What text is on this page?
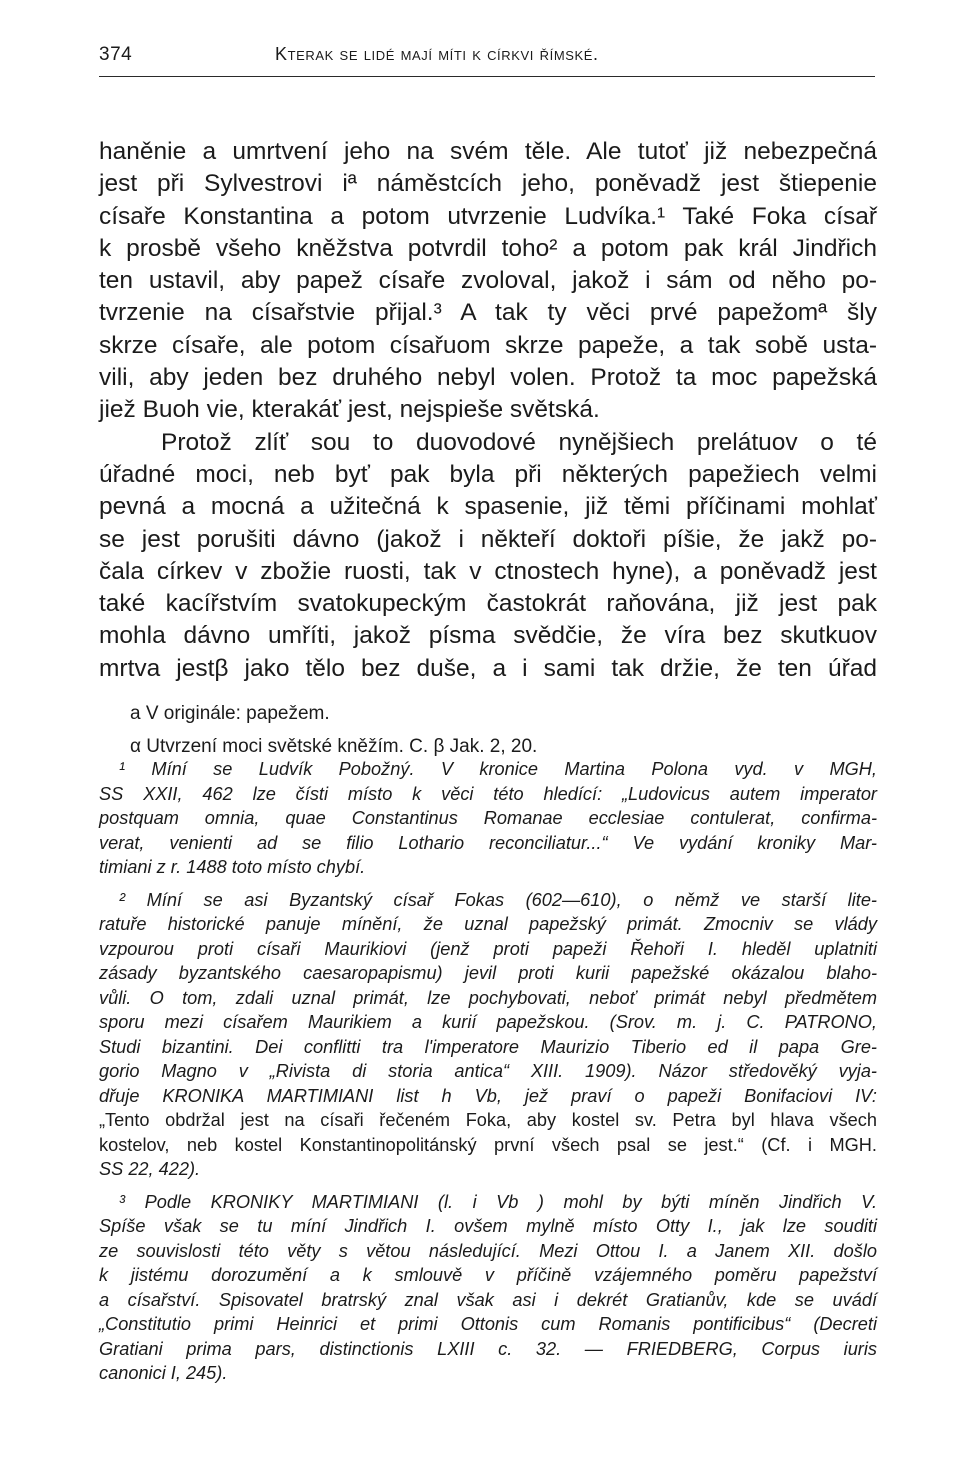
374	Kterak se lidé mají míti k církvi římské.
haněnie a umrtvení jeho na svém těle. Ale tutoť již nebezpečná
jest při Sylvestrovi iª náměstcích jeho, poněvadž jest štiepenie
císaře Konstantina a potom utvrzenie Ludvíka.¹ Také Foka císař
k prosbě všeho kněžstva potvrdil toho² a potom pak král Jindřich
ten ustavil, aby papež císaře zvoloval, jakož i sám od něho po-
tvrzenie na císařstvie přijal.³ A tak ty věci prvé papežomª šly
skrze císaře, ale potom císařuom skrze papeže, a tak sobě usta-
vili, aby jeden bez druhého nebyl volen. Protož ta moc papežská
jiež Buoh vie, kterakáť jest, nejspieše světská.
Protož zlíť sou to duovodové nynějšiech prelátuov o té
úřadné moci, neb byť pak byla při některých papežiech velmi
pevná a mocná a užitečná k spasenie, již těmi příčinami mohlať
se jest porušiti dávno (jakož i někteří doktoři píšie, že jakž po-
čala církev v zbožie ruosti, tak v ctnostech hyne), a poněvadž jest
také kacířstvím svatokupeckým častokrát raňována, již jest pak
mohla dávno umříti, jakož písma svědčie, že víra bez skutkuov
mrtva jestβ jako tělo bez duše, a i sami tak držie, že ten úřad
a V originále: papežem.
α Utvrzení moci světské kněžím. C. β Jak. 2, 20.
¹ Míní se Ludvík Pobožný. V kronice Martina Polona vyd. v MGH,
SS XXII, 462 lze čísti místo k věci této hledící: „Ludovicus autem imperator
postquam omnia, quae Constantinus Romanae ecclesiae contulerat, confirma-
verat, venienti ad se filio Lothario reconciliatur...“ Ve vydání kroniky Mar-
timiani z r. 1488 toto místo chybí.
² Míní se asi Byzantský císař Fokas (602—610), o němž ve starší lite-
ratuře historické panuje mínění, že uznal papežský primát. Zmocniv se vlády
vzpourou proti císaři Maurikiovi (jenž proti papeži Řehoři I. hleděl uplatniti
zásady byzantského caesaropapismu) jevil proti kurii papežské okázalou blaho-
vůli. O tom, zdali uznal primát, lze pochybovati, neboť primát nebyl předmětem
sporu mezi císařem Maurikiem a kurií papežskou. (Srov. m. j. C. PATRONO,
Studi bizantini. Dei conflitti tra l'imperatore Maurizio Tiberio ed il papa Gre-
gorio Magno v „Rivista di storia antica“ XIII. 1909). Názor středověký vyja-
dřuje KRONIKA MARTIMIANI list h Vb, jež praví o papeži Bonifaciovi IV:
„Tento obdržal jest na císaři řečeném Foka, aby kostel sv. Petra byl hlava všech
kostelov, neb kostel Konstantinopolitánský první všech psal se jest.“ (Cf. i MGH.
SS 22, 422).
³ Podle KRONIKY MARTIMIANI (l. i Vb ) mohl by býti míněn Jindřich V.
Spíše však se tu míní Jindřich I. ovšem mylně místo Otty I., jak lze souditi
ze souvislosti této věty s větou následující. Mezi Ottou I. a Janem XII. došlo
k jistému dorozumění a k smlouvě v příčině vzájemného poměru papežství
a císařství. Spisovatel bratrský znal však asi i dekrét Gratianův, kde se uvádí
„Constitutio primi Heinrici et primi Ottonis cum Romanis pontificibus“ (Decreti
Gratiani prima pars, distinctionis LXIII c. 32. — FRIEDBERG, Corpus iuris
canonici I, 245).
